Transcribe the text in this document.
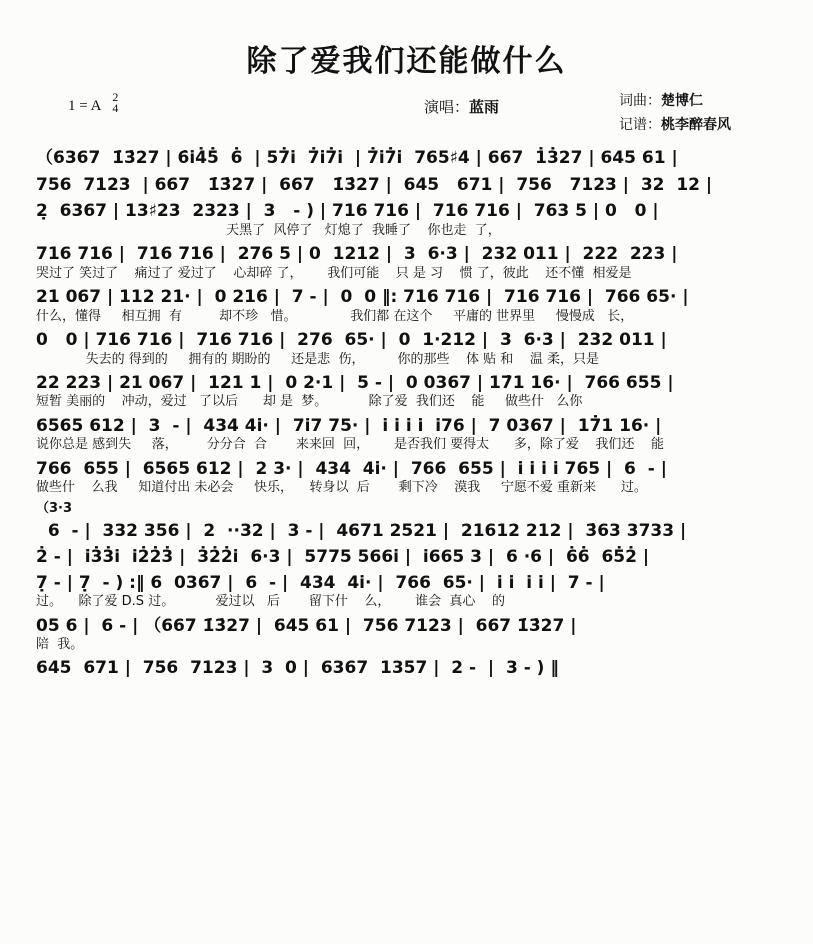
除了爱我们还能做什么
1 = A
2
4	演唱：蓝雨	词曲：楚博仁
记谱：桃李醉春风
（6367  1̇3̇27 | 6̇i̇4̇5̇  6̇  | 57̇i̇  7̇i̇7̇i̇  | 7̇i̇7̇i̇  765♯4 | 667  1̇3̇27 | 645 61 |
756  7123  | 667   1̇3̇27 |  667   1̇3̇27 |  645   671 |  756   7123 |  32  12 |
2̣  6367 | 13♯23  2323 |  3   - ) | 716 716 |  716 716 |  763 5 | 0   0 |
天黑了  风停了   灯熄了  我睡了    你也走  了，
716 716 |  716 716 |  276 5 | 0  1212 |  3  6·3 |  232 011 |  222  223 |
哭过了 笑过了    痛过了 爱过了    心却碎 了，      我们可能    只 是 习    惯 了，彼此    还不懂  相爱是
21 067 | 112 21· |  0 216 |  7 - |  0  0 ‖: 716 716 |  716 716 |  766 65· |
什么，懂得     相互拥  有         却不珍   惜。             我们都 在这个     平庸的 世界里     慢慢成   长，
0   0 | 716 716 |  716 716 |  276  65· |  0  1·212 |  3  6·3 |  232 011 |
失去的 得到的     拥有的 期盼的     还是悲  伤，        你的那些    体 贴 和    温 柔，只是
22 223 | 21 067 |  121 1 |  0 2·1 |  5 - |  0 0367 | 17̇1 16· |  766 655 |
短暂 美丽的    冲动，爱过   了以后      却 是  梦。          除了爱  我们还    能     做些什   么你
6565 612 |  3  - |  434 4i̇· |  7i̇7 75· |  i̇ i̇ i̇ i̇  i̇76 |  7 0367 |  17̇1 16· |
说你总是 感到失     落，       分分合  合       来来回  回，      是否我们 要得太      多，除了爱    我们还    能
766  655 |  6565 612 |  2 3· |  434  4i̇· |  766  655 |  i̇ i̇ i̇ i̇ 765 |  6  - |
做些什    么我     知道付出 未必会     快乐，    转身以  后       剩下冷    漠我     宁愿不爱 重新来      过。
（3·3
6  - |  332 356 |  2  ··32 |  3 - |  4671 2521 |  21612 212 |  3̇63 3733 |
2̇ - |  i̇3̇3̇i̇  i̇2̇2̇3̇ |  3̇2̇2̇i̇  6·3 |  5775 566i̇ |  i̇665 3 |  6 ·6 |  6̇6̇  65̇2̇ |
7̣ - | 7̣  - ) :‖ 6  0367 |  6  - |  434  4i̇· |  766  65· |  i̇ i̇  i̇ i̇ |  7 - |
过。    除了爱 D.S 过。          爱过以   后       留下什    么，      谁会  真心    的
05 6 |  6 - | （667 1̇3̇27 |  645 61 |  756 7123 |  667 1̇3̇27 |
陪  我。
645  671 |  756  7123 |  3  0 |  6367  1357 |  2 -  |  3 - ) ‖
